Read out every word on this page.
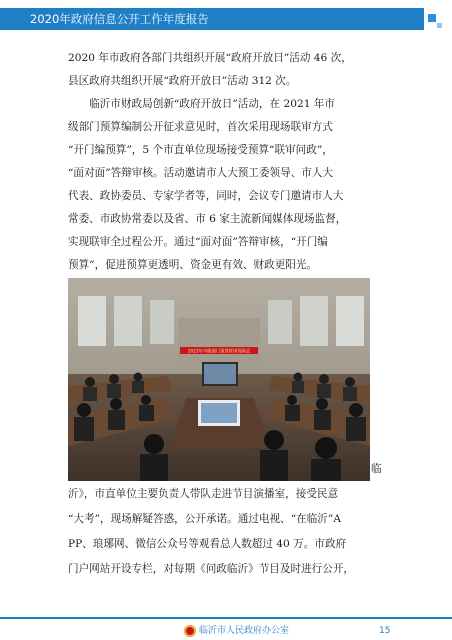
2020年政府信息公开工作年度报告
2020 年市政府各部门共组织开展“政府开放日”活动 46 次，
县区政府共组织开展“政府开放日”活动 312 次。
　　临沂市财政局创新“政府开放日”活动，在 2021 年市
级部门预算编制公开征求意见时，首次采用现场联审方式
“开门编预算”，5 个市直单位现场接受预算“联审问政”，
“面对面”答辩审核。活动邀请市人大预工委领导、市人大
代表、政协委员、专家学者等，同时，会议专门邀请市人大
常委、市政协常委以及省、市 6 家主流新闻媒体现场监督，
实现联审全过程公开。通过“面对面”答辩审核，“开门编
2021年市级部门预算联审现场会
临
沂》，市直单位主要负责人带队走进节目演播室，接受民意
“大考”，现场解疑答惑，公开承诺。通过电视、“在临沂”A
PP、琅琊网、微信公众号等观看总人数超过 40 万。市政府
门户网站开设专栏，对每期《问政临沂》节目及时进行公开，
临沂市人民政府办公室	15
预算”，促进预算更透明、资金更有效、财政更阳光。
